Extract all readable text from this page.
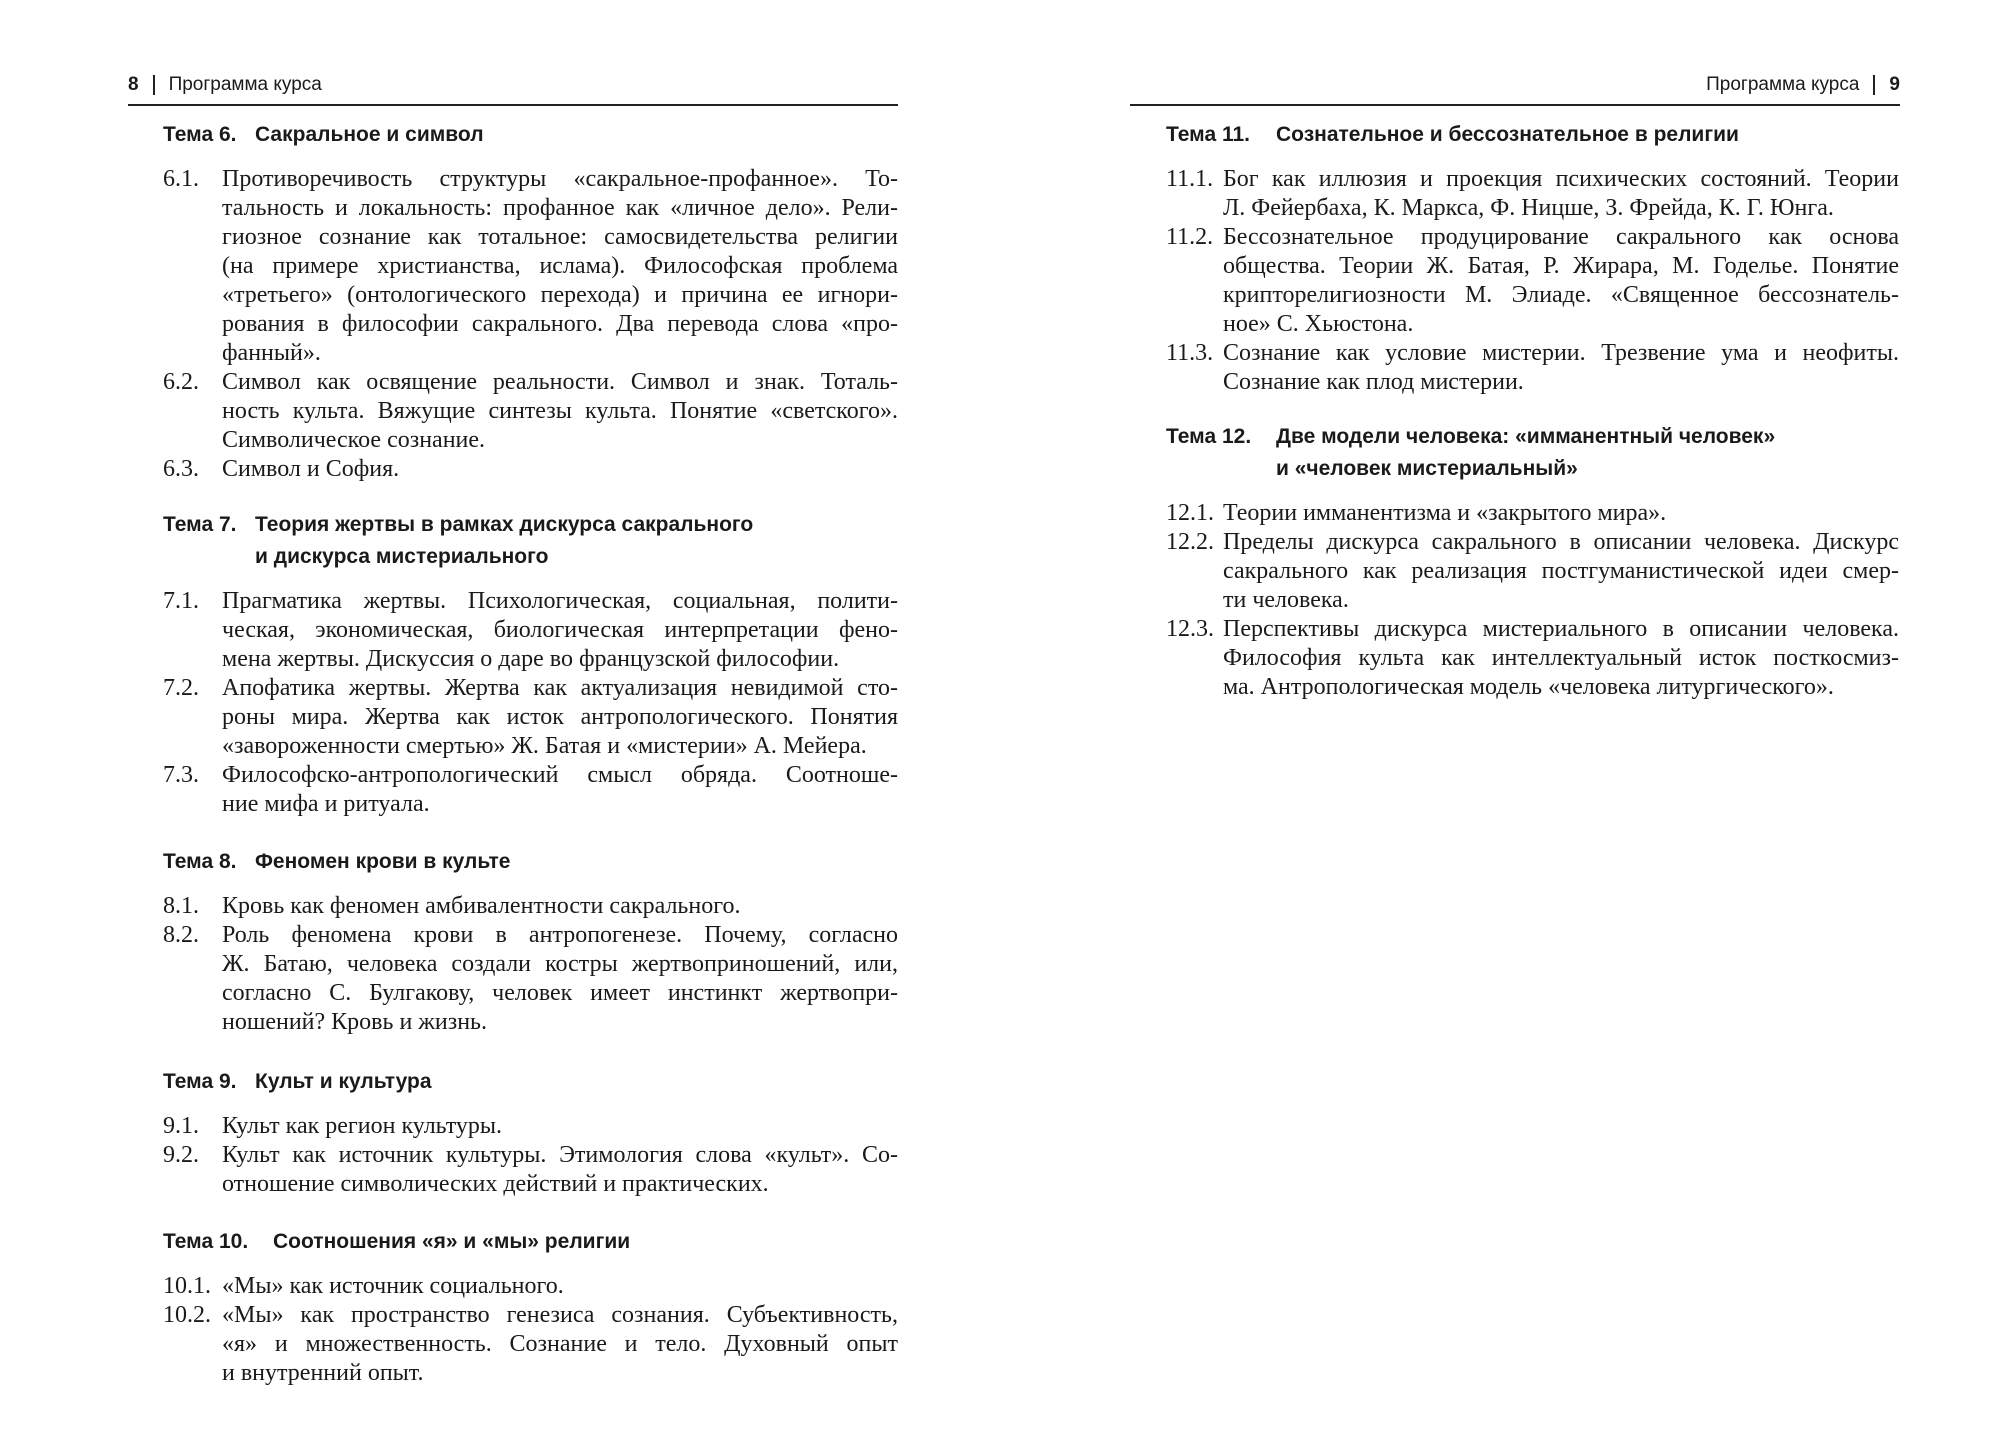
8 Программа курса
Тема 6. Сакральное и символ
6.1. Противоречивость структуры «сакральное-профанное». То-
тальность и локальность: профанное как «личное дело». Рели-
гиозное сознание как тотальное: самосвидетельства религии
(на примере христианства, ислама). Философская проблема
«третьего» (онтологического перехода) и причина ее игнори-
рования в философии сакрального. Два перевода слова «про-
фанный».
6.2. Символ как освящение реальности. Символ и знак. Тоталь-
ность культа. Вяжущие синтезы культа. Понятие «светского».
Символическое сознание.
6.3. Символ и София.
Тема 7. Теория жертвы в рамках дискурса сакрального
и дискурса мистериального
7.1. Прагматика жертвы. Психологическая, социальная, полити-
ческая, экономическая, биологическая интерпретации фено-
мена жертвы. Дискуссия о даре во французской философии.
7.2. Апофатика жертвы. Жертва как актуализация невидимой сто-
роны мира. Жертва как исток антропологического. Понятия
«завороженности смертью» Ж. Батая и «мистерии» А. Мейера.
7.3. Философско-антропологический смысл обряда. Соотноше-
ние мифа и ритуала.
Тема 8. Феномен крови в культе
8.1. Кровь как феномен амбивалентности сакрального.
8.2. Роль феномена крови в антропогенезе. Почему, согласно
Ж. Батаю, человека создали костры жертвоприношений, или,
согласно С. Булгакову, человек имеет инстинкт жертвопри-
ношений? Кровь и жизнь.
Тема 9. Культ и культура
9.1. Культ как регион культуры.
9.2. Культ как источник культуры. Этимология слова «культ». Со-
отношение символических действий и практических.
Тема 10. Соотношения «я» и «мы» религии
10.1. «Мы» как источник социального.
10.2. «Мы» как пространство генезиса сознания. Субъективность,
«я» и множественность. Сознание и тело. Духовный опыт
и внутренний опыт.
Программа курса 9
Тема 11. Сознательное и бессознательное в религии
11.1. Бог как иллюзия и проекция психических состояний. Теории
Л. Фейербаха, К. Маркса, Ф. Ницше, З. Фрейда, К. Г. Юнга.
11.2. Бессознательное продуцирование сакрального как основа
общества. Теории Ж. Батая, Р. Жирара, М. Годелье. Понятие
крипторелигиозности М. Элиаде. «Священное бессознатель-
ное» С. Хьюстона.
11.3. Сознание как условие мистерии. Трезвение ума и неофиты.
Сознание как плод мистерии.
Тема 12. Две модели человека: «имманентный человек»
и «человек мистериальный»
12.1. Теории имманентизма и «закрытого мира».
12.2. Пределы дискурса сакрального в описании человека. Дискурс
сакрального как реализация постгуманистической идеи смер-
ти человека.
12.3. Перспективы дискурса мистериального в описании человека.
Философия культа как интеллектуальный исток посткосмиз-
ма. Антропологическая модель «человека литургического».
